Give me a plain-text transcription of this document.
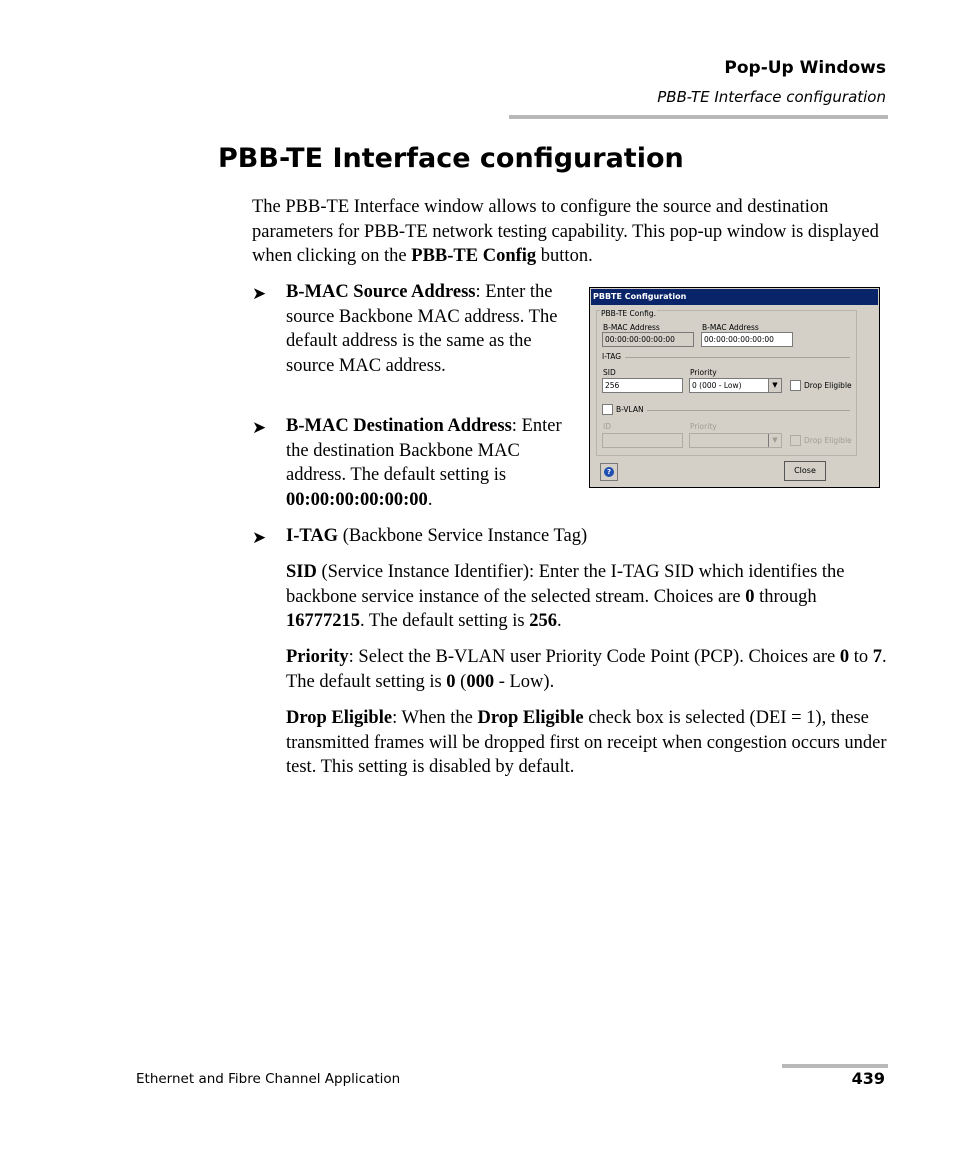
Pop-Up Windows
PBB-TE Interface configuration
PBB-TE Interface configuration
The PBB-TE Interface window allows to configure the source and destination parameters for PBB-TE network testing capability. This pop-up window is displayed when clicking on the PBB-TE Config button.
➤ B-MAC Source Address: Enter the source Backbone MAC address. The default address is the same as the source MAC address.
➤ B-MAC Destination Address: Enter the destination Backbone MAC address. The default setting is 00:00:00:00:00:00.
➤ I-TAG (Backbone Service Instance Tag)
SID (Service Instance Identifier): Enter the I-TAG SID which identifies the backbone service instance of the selected stream. Choices are 0 through 16777215. The default setting is 256.
Priority: Select the B-VLAN user Priority Code Point (PCP). Choices are 0 to 7. The default setting is 0 (000 - Low).
Drop Eligible: When the Drop Eligible check box is selected (DEI = 1), these transmitted frames will be dropped first on receipt when congestion occurs under test. This setting is disabled by default.
PBBTE Configuration
PBB-TE Config.
B-MAC Address
00:00:00:00:00:00
B-MAC Address
00:00:00:00:00:00
I-TAG
SID
256
Priority
0 (000 - Low)	▼	Drop Eligible
B-VLAN
ID	Priority
▼	Drop Eligible
?	Close
Ethernet and Fibre Channel Application	439
